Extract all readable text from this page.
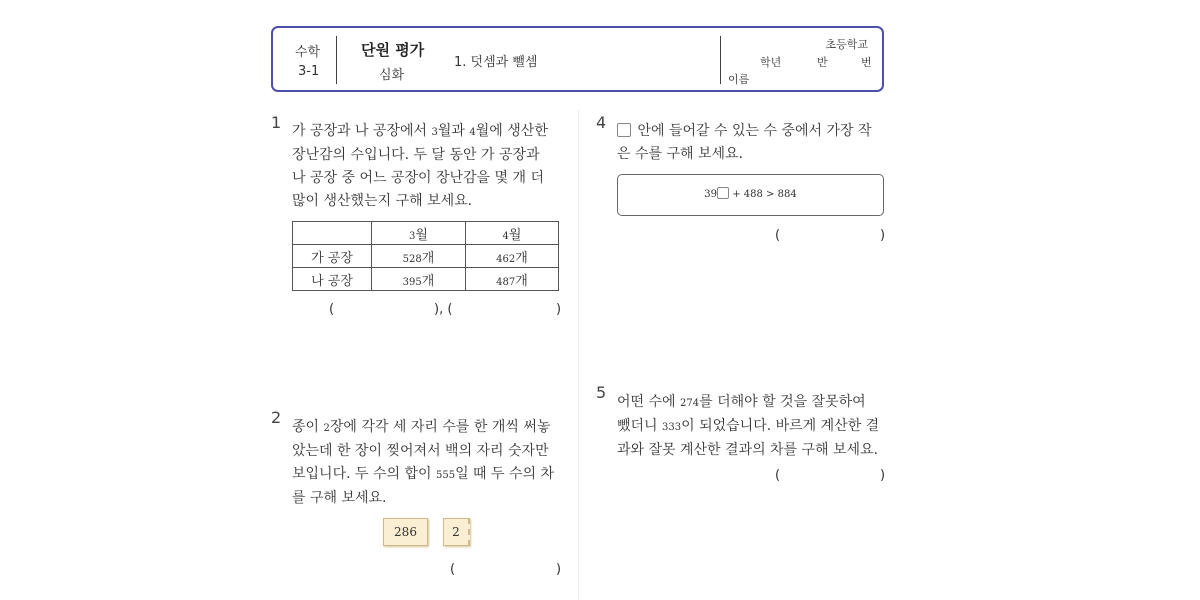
수학
3-1
단원 평가
심화
1. 덧셈과 뺄셈
초등학교
학년	반	번
이름
1 가 공장과 나 공장에서 3월과 4월에 생산한
장난감의 수입니다. 두 달 동안 가 공장과
나 공장 중 어느 공장이 장난감을 몇 개 더
많이 생산했는지 구해 보세요.
	3월	4월
가 공장	528개	462개
나 공장	395개	487개
(	), (	)
2 종이 2장에 각각 세 자리 수를 한 개씩 써놓
았는데 한 장이 찢어져서 백의 자리 숫자만
보입니다. 두 수의 합이 555일 때 두 수의 차
를 구해 보세요.
286	2
(	)
4	안에 들어갈 수 있는 수 중에서 가장 작
은 수를 구해 보세요.
39 + 488 > 884
(	)
5 어떤 수에 274를 더해야 할 것을 잘못하여
뺐더니 333이 되었습니다. 바르게 계산한 결
과와 잘못 계산한 결과의 차를 구해 보세요.
(	)
